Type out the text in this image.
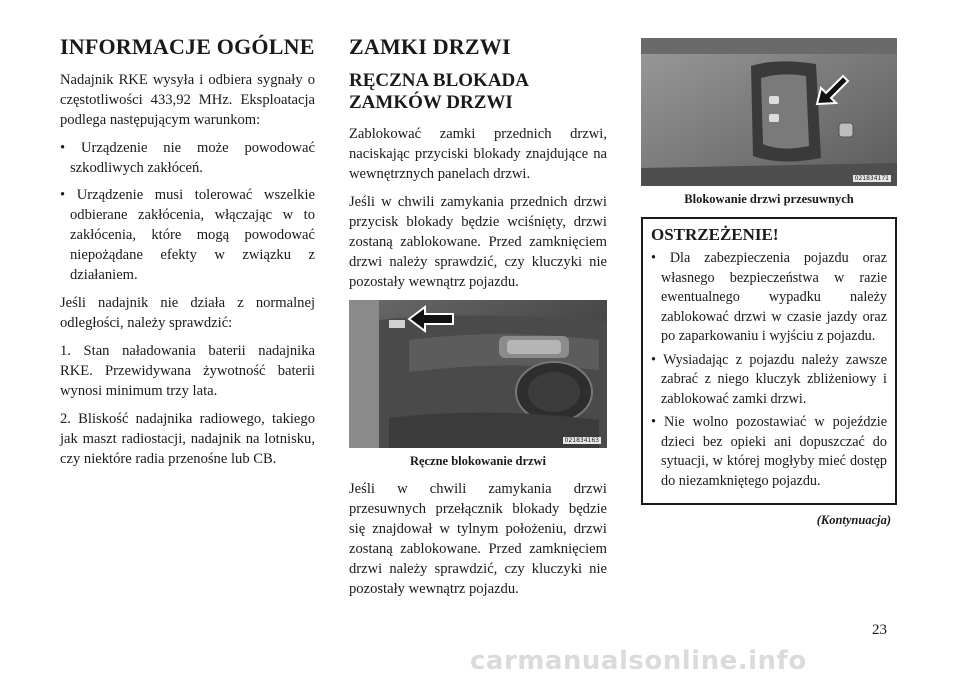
INFORMACJE OGÓLNE

Nadajnik RKE wysyła i odbiera sygnały o częstotliwości 433,92 MHz. Eksploatacja podlega następującym warunkom:

• Urządzenie nie może powodować szkodliwych zakłóceń.
• Urządzenie musi tolerować wszelkie odbierane zakłócenia, włączając w to zakłócenia, które mogą powodować niepożądane efekty w związku z działaniem.

Jeśli nadajnik nie działa z normalnej odległości, należy sprawdzić:

1. Stan naładowania baterii nadajnika RKE. Przewidywana żywotność baterii wynosi minimum trzy lata.

2. Bliskość nadajnika radiowego, takiego jak maszt radiostacji, nadajnik na lotnisku, czy niektóre radia przenośne lub CB.

ZAMKI DRZWI
RĘCZNA BLOKADA ZAMKÓW DRZWI

Zablokować zamki przednich drzwi, naciskając przyciski blokady znajdujące na wewnętrznych panelach drzwi.

Jeśli w chwili zamykania przednich drzwi przycisk blokady będzie wciśnięty, drzwi zostaną zablokowane. Przed zamknięciem drzwi należy sprawdzić, czy kluczyki nie pozostały wewnątrz pojazdu.

021834163
Ręczne blokowanie drzwi

Jeśli w chwili zamykania drzwi przesuwnych przełącznik blokady będzie się znajdował w tylnym położeniu, drzwi zostaną zablokowane. Przed zamknięciem drzwi należy sprawdzić, czy kluczyki nie pozostały wewnątrz pojazdu.

021834171
Blokowanie drzwi przesuwnych
OSTRZEŻENIE!
• Dla zabezpieczenia pojazdu oraz własnego bezpieczeństwa w razie ewentualnego wypadku należy zablokować drzwi w czasie jazdy oraz po zaparkowaniu i wyjściu z pojazdu.
• Wysiadając z pojazdu należy zawsze zabrać z niego kluczyk zbliżeniowy i zablokować zamki drzwi.
• Nie wolno pozostawiać w pojeździe dzieci bez opieki ani dopuszczać do sytuacji, w której mogłyby mieć dostęp do niezamkniętego pojazdu.
(Kontynuacja)
23
carmanualsonline.info
